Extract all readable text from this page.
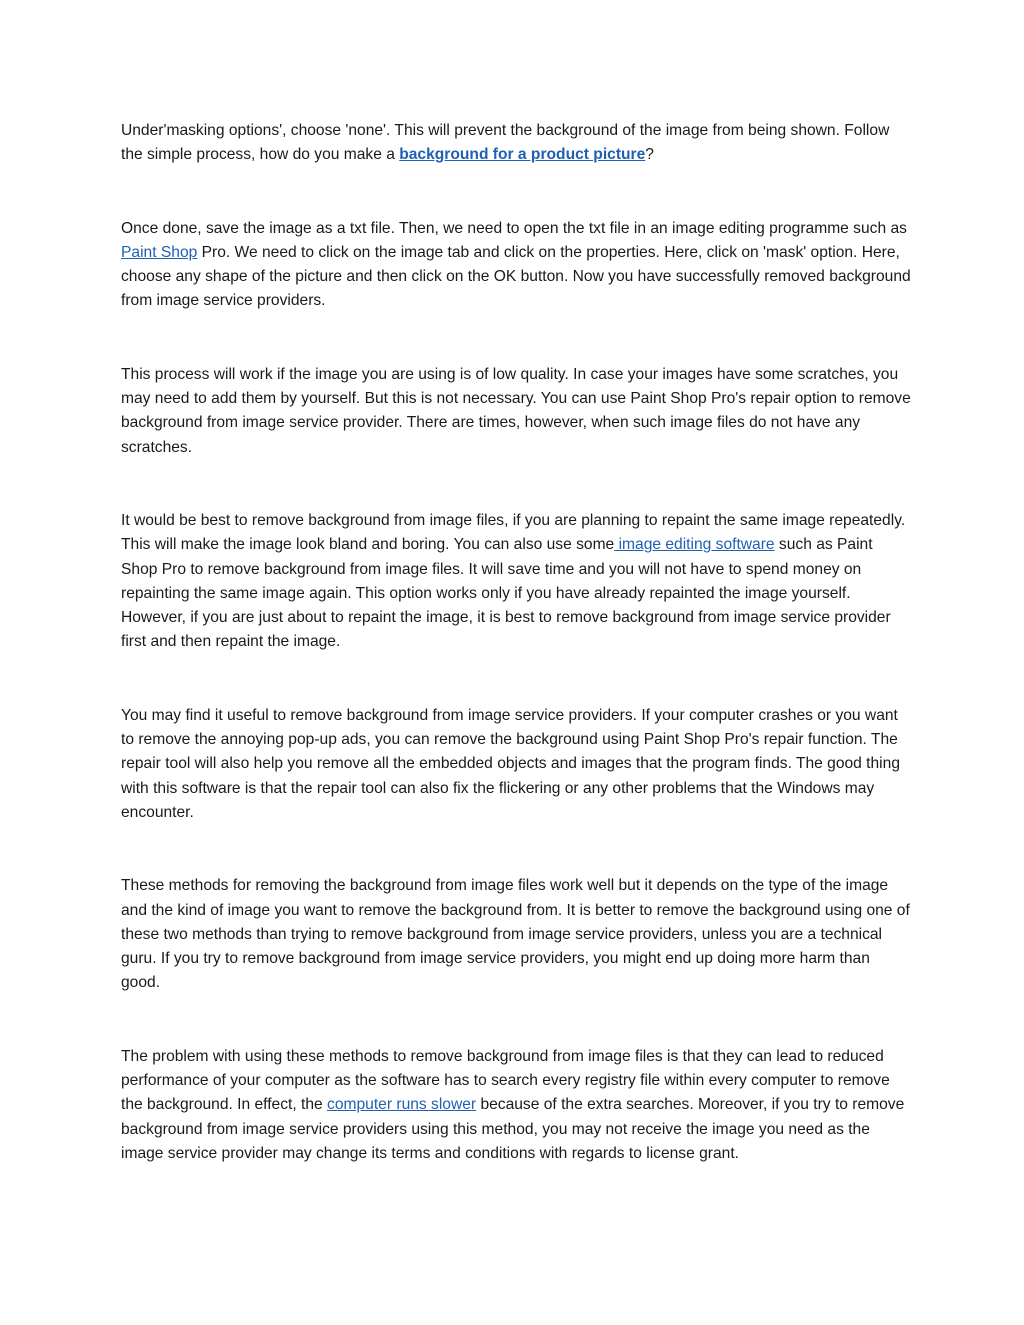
Under'masking options', choose 'none'. This will prevent the background of the image from being shown. Follow the simple process, how do you make a background for a product picture?

Once done, save the image as a txt file. Then, we need to open the txt file in an image editing programme such as Paint Shop Pro. We need to click on the image tab and click on the properties. Here, click on 'mask' option. Here, choose any shape of the picture and then click on the OK button. Now you have successfully removed background from image service providers.

This process will work if the image you are using is of low quality. In case your images have some scratches, you may need to add them by yourself. But this is not necessary. You can use Paint Shop Pro's repair option to remove background from image service provider. There are times, however, when such image files do not have any scratches.

It would be best to remove background from image files, if you are planning to repaint the same image repeatedly. This will make the image look bland and boring. You can also use some image editing software such as Paint Shop Pro to remove background from image files. It will save time and you will not have to spend money on repainting the same image again. This option works only if you have already repainted the image yourself. However, if you are just about to repaint the image, it is best to remove background from image service provider first and then repaint the image.

You may find it useful to remove background from image service providers. If your computer crashes or you want to remove the annoying pop-up ads, you can remove the background using Paint Shop Pro's repair function. The repair tool will also help you remove all the embedded objects and images that the program finds. The good thing with this software is that the repair tool can also fix the flickering or any other problems that the Windows may encounter.

These methods for removing the background from image files work well but it depends on the type of the image and the kind of image you want to remove the background from. It is better to remove the background using one of these two methods than trying to remove background from image service providers, unless you are a technical guru. If you try to remove background from image service providers, you might end up doing more harm than good.

The problem with using these methods to remove background from image files is that they can lead to reduced performance of your computer as the software has to search every registry file within every computer to remove the background. In effect, the computer runs slower because of the extra searches. Moreover, if you try to remove background from image service providers using this method, you may not receive the image you need as the image service provider may change its terms and conditions with regards to license grant.
